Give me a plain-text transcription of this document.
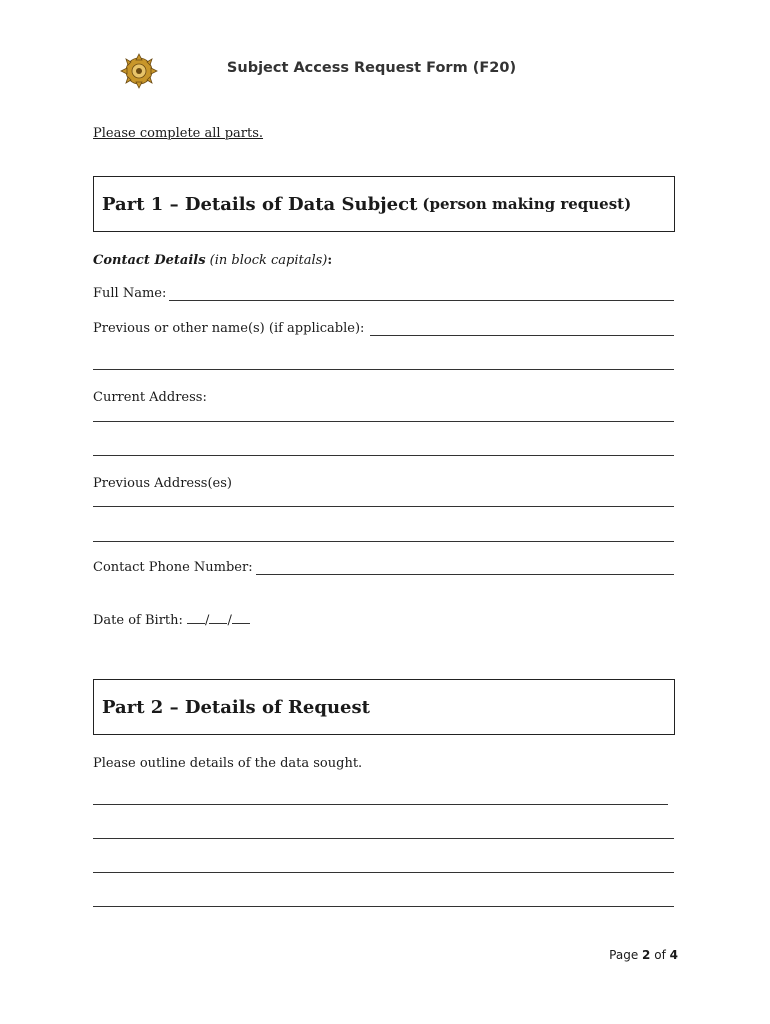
Subject Access Request Form (F20)
Please complete all parts.
Part 1 – Details of Data Subject (person making request)
Contact Details (in block capitals):
Full Name:
Previous or other name(s) (if applicable):
Current Address:
Previous Address(es)
Contact Phone Number:
Date of Birth: / /
Part 2 – Details of Request
Please outline details of the data sought.
Page 2 of 4
